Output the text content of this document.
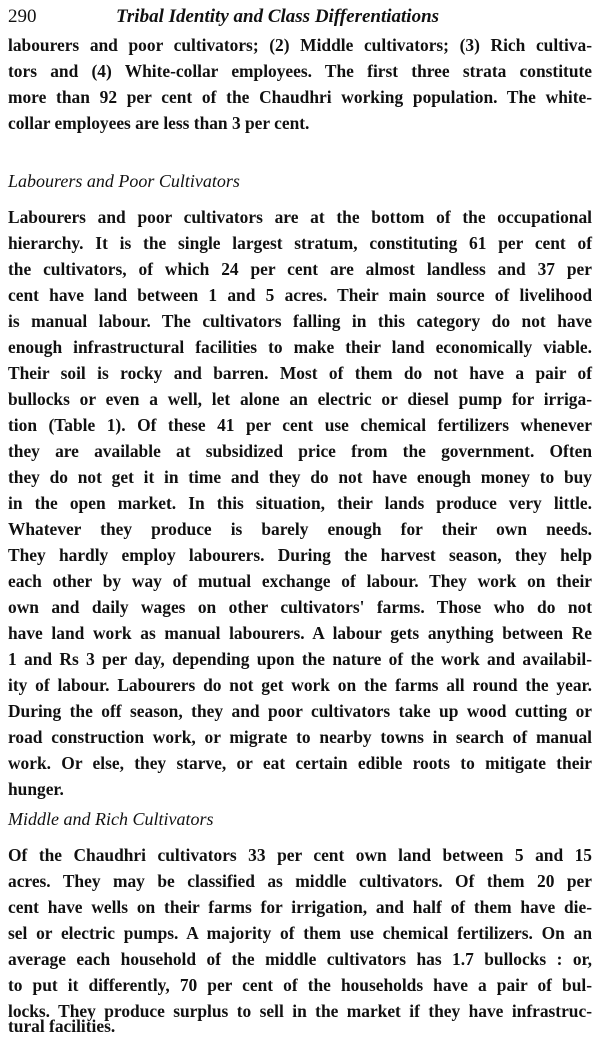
290	Tribal Identity and Class Differentiations
labourers and poor cultivators; (2) Middle cultivators; (3) Rich cultiva-
tors and (4) White-collar employees. The first three strata constitute
more than 92 per cent of the Chaudhri working population. The white-
collar employees are less than 3 per cent.
Labourers and Poor Cultivators
Labourers and poor cultivators are at the bottom of the occupational
hierarchy. It is the single largest stratum, constituting 61 per cent of
the cultivators, of which 24 per cent are almost landless and 37 per
cent have land between 1 and 5 acres. Their main source of livelihood
is manual labour. The cultivators falling in this category do not have
enough infrastructural facilities to make their land economically viable.
Their soil is rocky and barren. Most of them do not have a pair of
bullocks or even a well, let alone an electric or diesel pump for irriga-
tion (Table 1). Of these 41 per cent use chemical fertilizers whenever
they are available at subsidized price from the government. Often
they do not get it in time and they do not have enough money to buy
in the open market. In this situation, their lands produce very little.
Whatever they produce is barely enough for their own needs.
They hardly employ labourers. During the harvest season, they help
each other by way of mutual exchange of labour. They work on their
own and daily wages on other cultivators' farms. Those who do not
have land work as manual labourers. A labour gets anything between Re
1 and Rs 3 per day, depending upon the nature of the work and availabil-
ity of labour. Labourers do not get work on the farms all round the year.
During the off season, they and poor cultivators take up wood cutting or
road construction work, or migrate to nearby towns in search of manual
work. Or else, they starve, or eat certain edible roots to mitigate their
hunger.
Middle and Rich Cultivators
Of the Chaudhri cultivators 33 per cent own land between 5 and 15
acres. They may be classified as middle cultivators. Of them 20 per
cent have wells on their farms for irrigation, and half of them have die-
sel or electric pumps. A majority of them use chemical fertilizers. On an
average each household of the middle cultivators has 1.7 bullocks : or,
to put it differently, 70 per cent of the households have a pair of bul-
locks. They produce surplus to sell in the market if they have infrastruc-
tural facilities.
